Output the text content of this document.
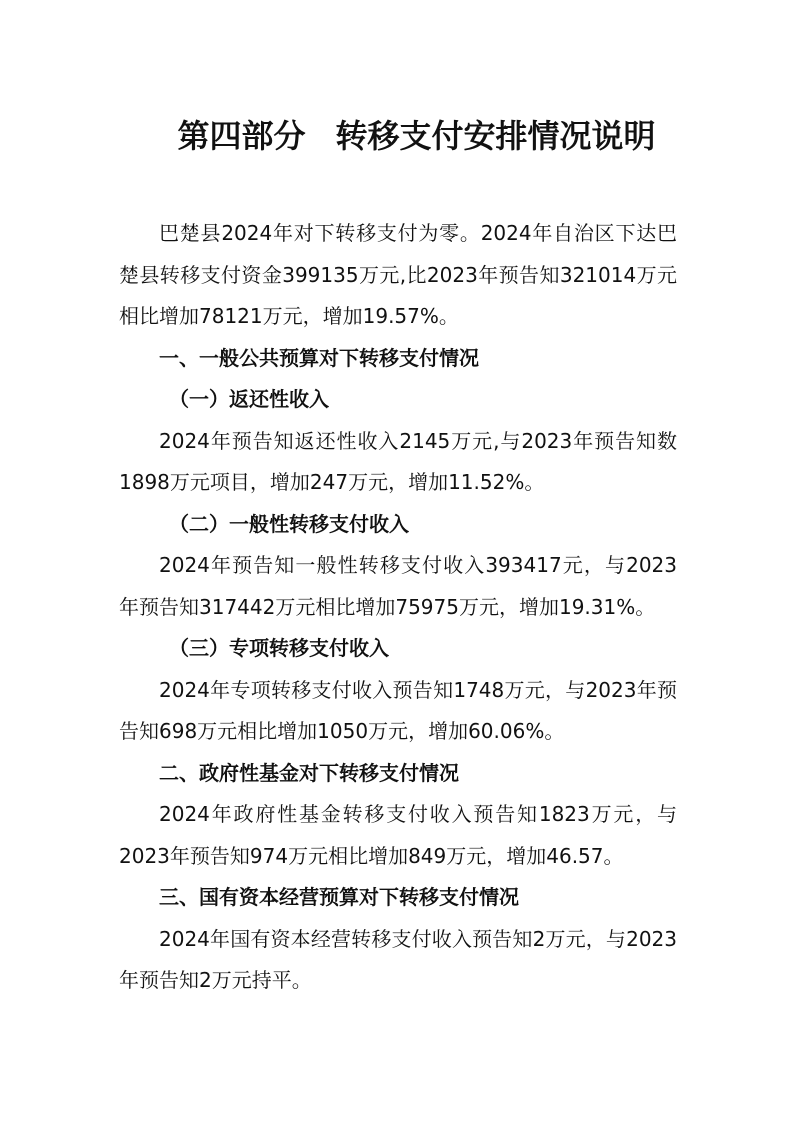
第四部分 转移支付安排情况说明

巴楚县2024年对下转移支付为零。2024年自治区下达巴楚县转移支付资金399135万元,比2023年预告知321014万元相比增加78121万元，增加19.57%。

一、一般公共预算对下转移支付情况
（一）返还性收入

2024年预告知返还性收入2145万元,与2023年预告知数1898万元项目，增加247万元，增加11.52%。

（二）一般性转移支付收入

2024年预告知一般性转移支付收入393417元，与2023年预告知317442万元相比增加75975万元，增加19.31%。

（三）专项转移支付收入

2024年专项转移支付收入预告知1748万元，与2023年预告知698万元相比增加1050万元，增加60.06%。

二、政府性基金对下转移支付情况

2024年政府性基金转移支付收入预告知1823万元，与2023年预告知974万元相比增加849万元，增加46.57。

三、国有资本经营预算对下转移支付情况

2024年国有资本经营转移支付收入预告知2万元，与2023年预告知2万元持平。
